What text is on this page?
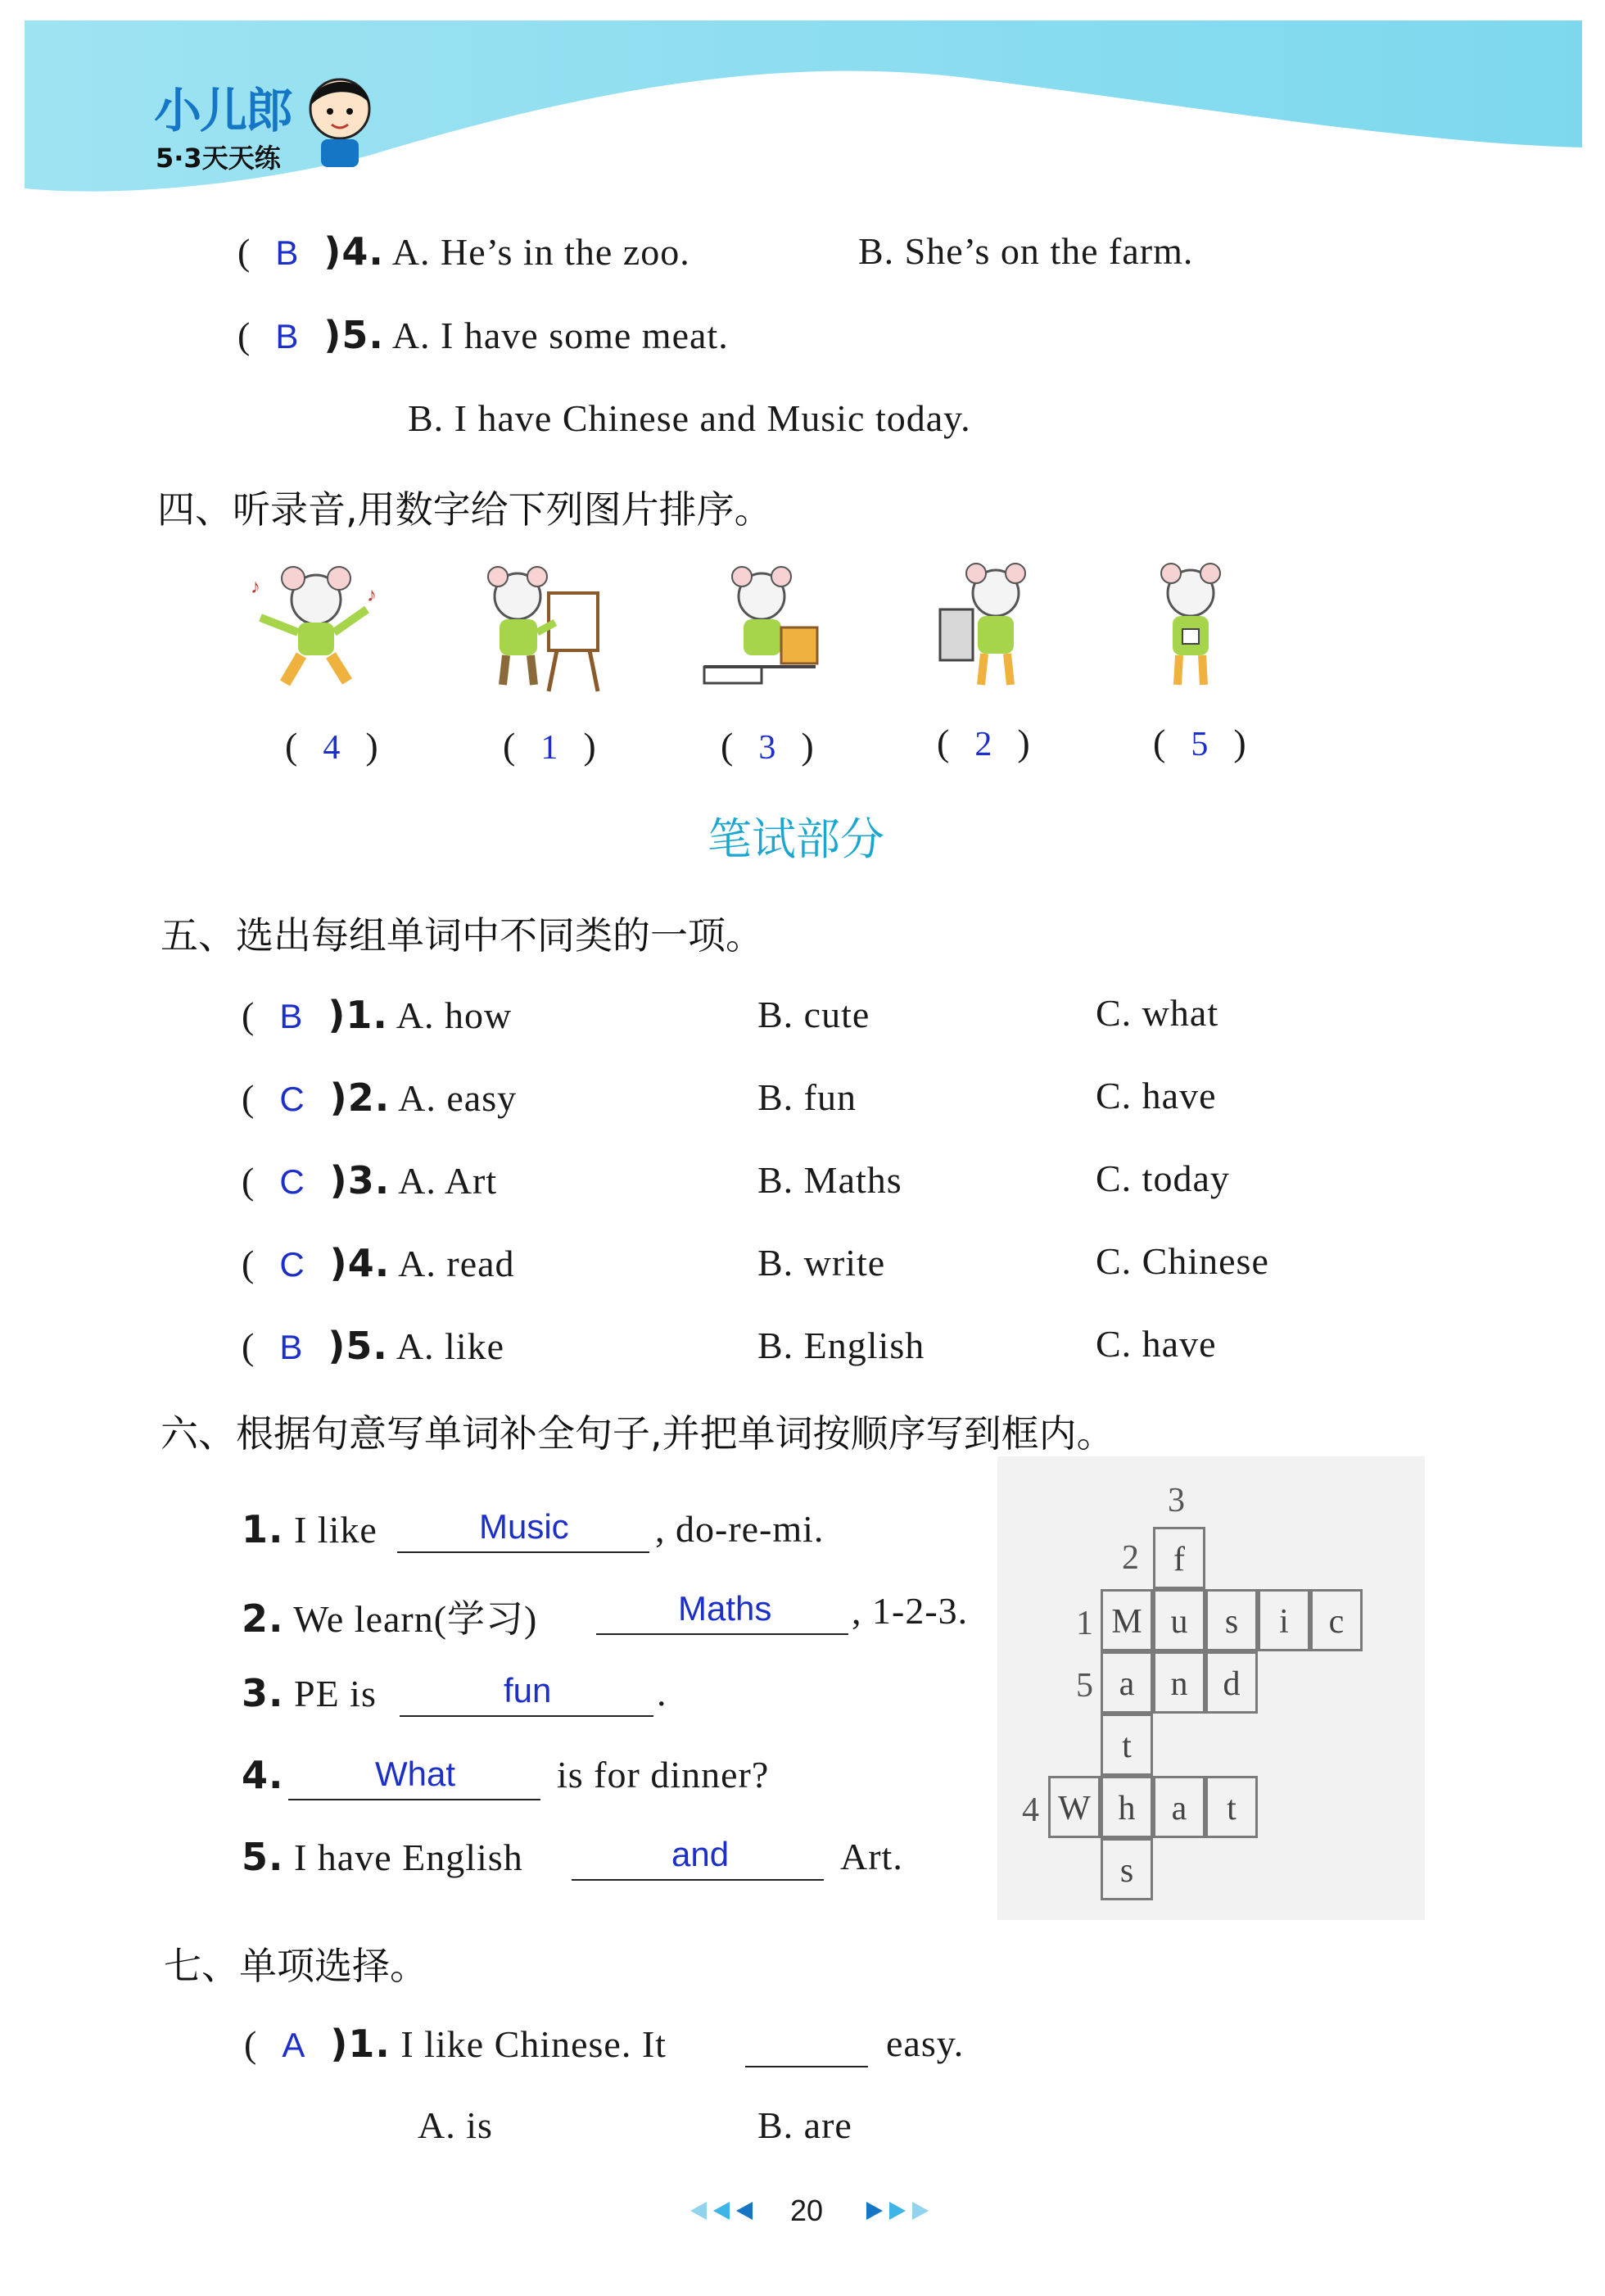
小儿郎
5·3天天练
( B )4. A. He’s in the zoo.	B. She’s on the farm.
( B )5. A. I have some meat.
B. I have Chinese and Music today.
四、听录音,用数字给下列图片排序。
♪	♪
( 4 )	( 1 )	( 3 )	( 2 )	( 5 )
笔试部分
五、选出每组单词中不同类的一项。
( B )1. A. how	B. cute	C. what
( C )2. A. easy	B. fun	C. have
( C )3. A. Art	B. Maths	C. today
( C )4. A. read	B. write	C. Chinese
( B )5. A. like	B. English	C. have
六、根据句意写单词补全句子,并把单词按顺序写到框内。
1. I like	Music , do-re-mi.
2. We learn(学习)	Maths , 1-2-3.
3. PE is	fun	.
4.	What	is for dinner?
5. I have English	and	Art.
3
2
1
5
4
f
M u	s	i	c
a	n	d
t
W h	a	t
s
七、单项选择。
( A )1. I like Chinese. It	easy.
A. is	B. are
20
